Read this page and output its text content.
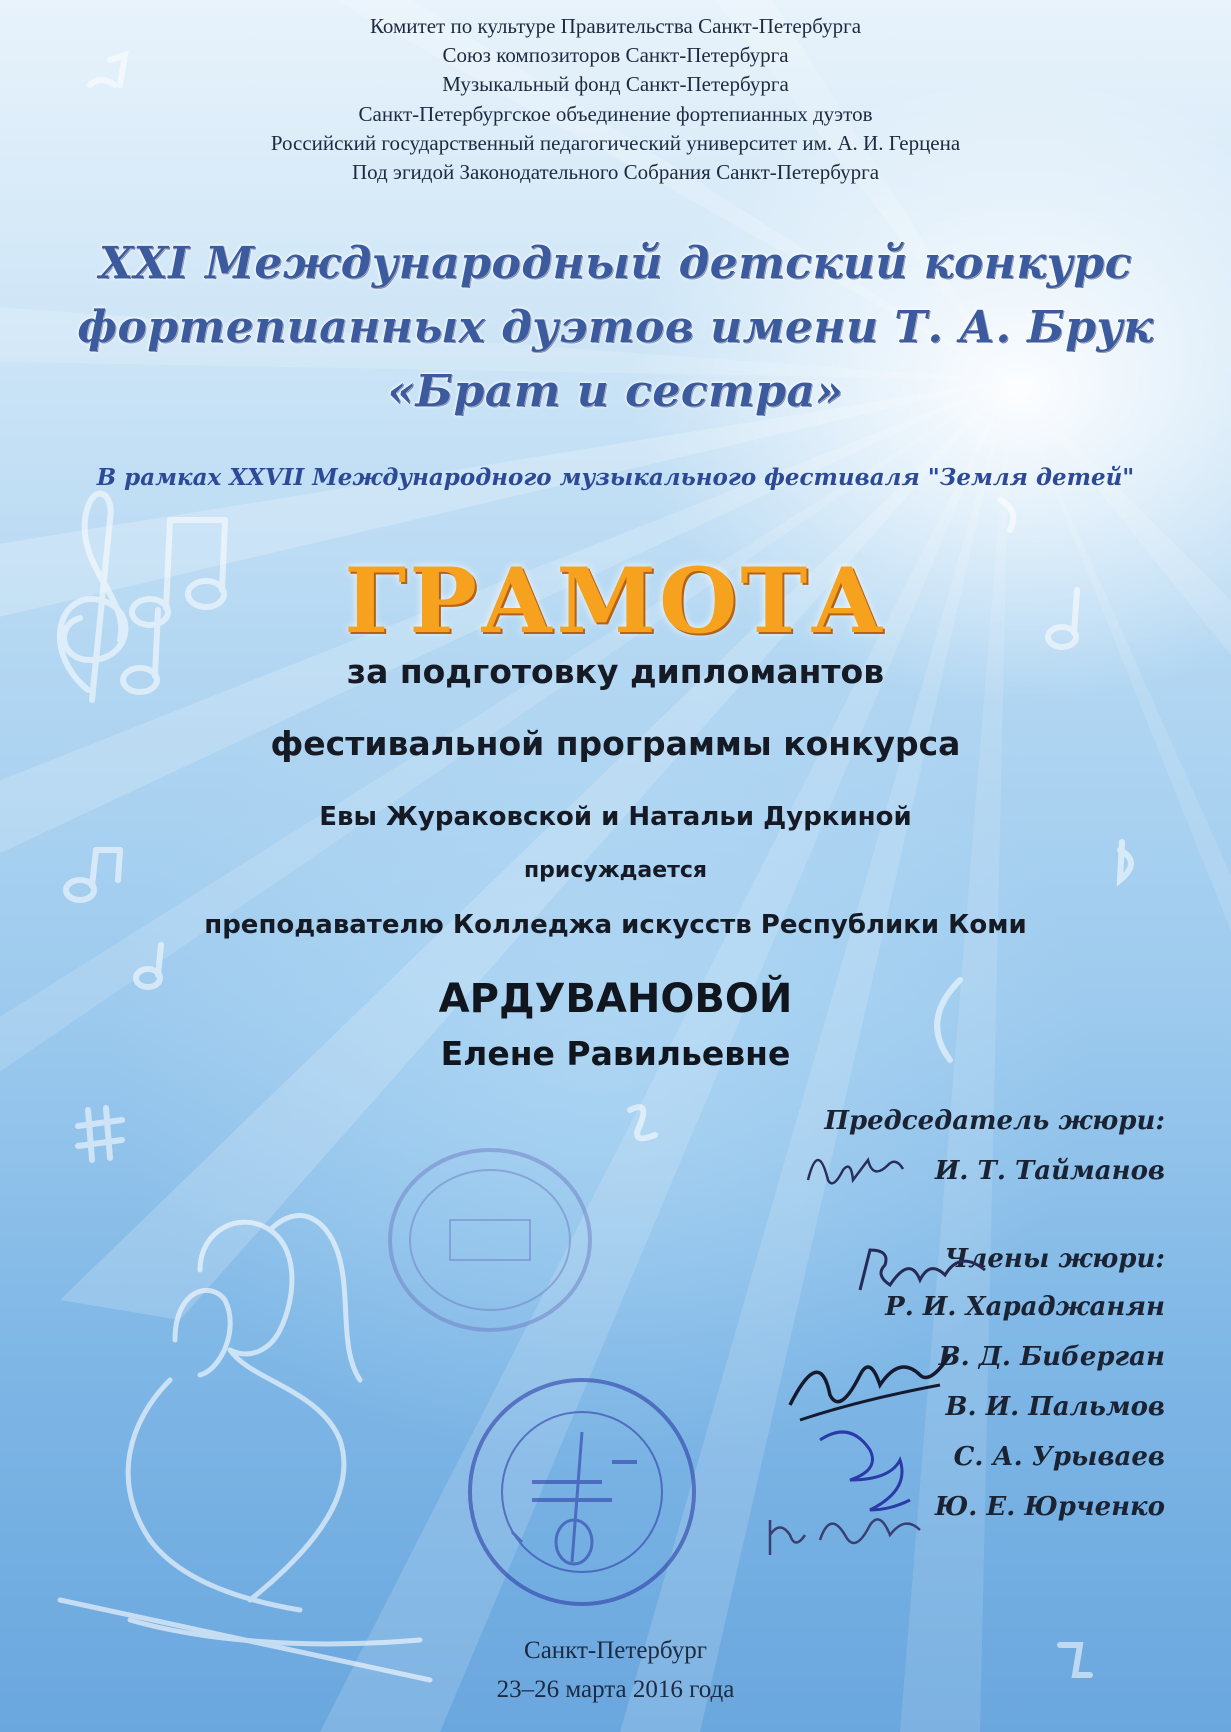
Комитет по культуре Правительства Санкт-Петербурга

Союз композиторов Санкт-Петербурга

Музыкальный фонд Санкт-Петербурга

Санкт-Петербургское объединение фортепианных дуэтов

Российский государственный педагогический университет им. А. И. Герцена

Под эгидой Законодательного Собрания Санкт-Петербурга

XXI Международный детский конкурс

фортепианных дуэтов имени Т. А. Брук

«Брат и сестра»

В рамках XXVII Международного музыкального фестиваля "Земля детей"

ГРАМОТА

за подготовку дипломантов

фестивальной программы конкурса

Евы Жураковской и Натальи Дуркиной

присуждается

преподавателю Колледжа искусств Республики Коми

АРДУВАНОВОЙ

Елене Равильевне

Председатель жюри:

И. Т. Тайманов

Члены жюри:

Р. И. Хараджанян

В. Д. Биберган

В. И. Пальмов

С. А. Урываев

Ю. Е. Юрченко

Санкт-Петербург

23–26 марта 2016 года
